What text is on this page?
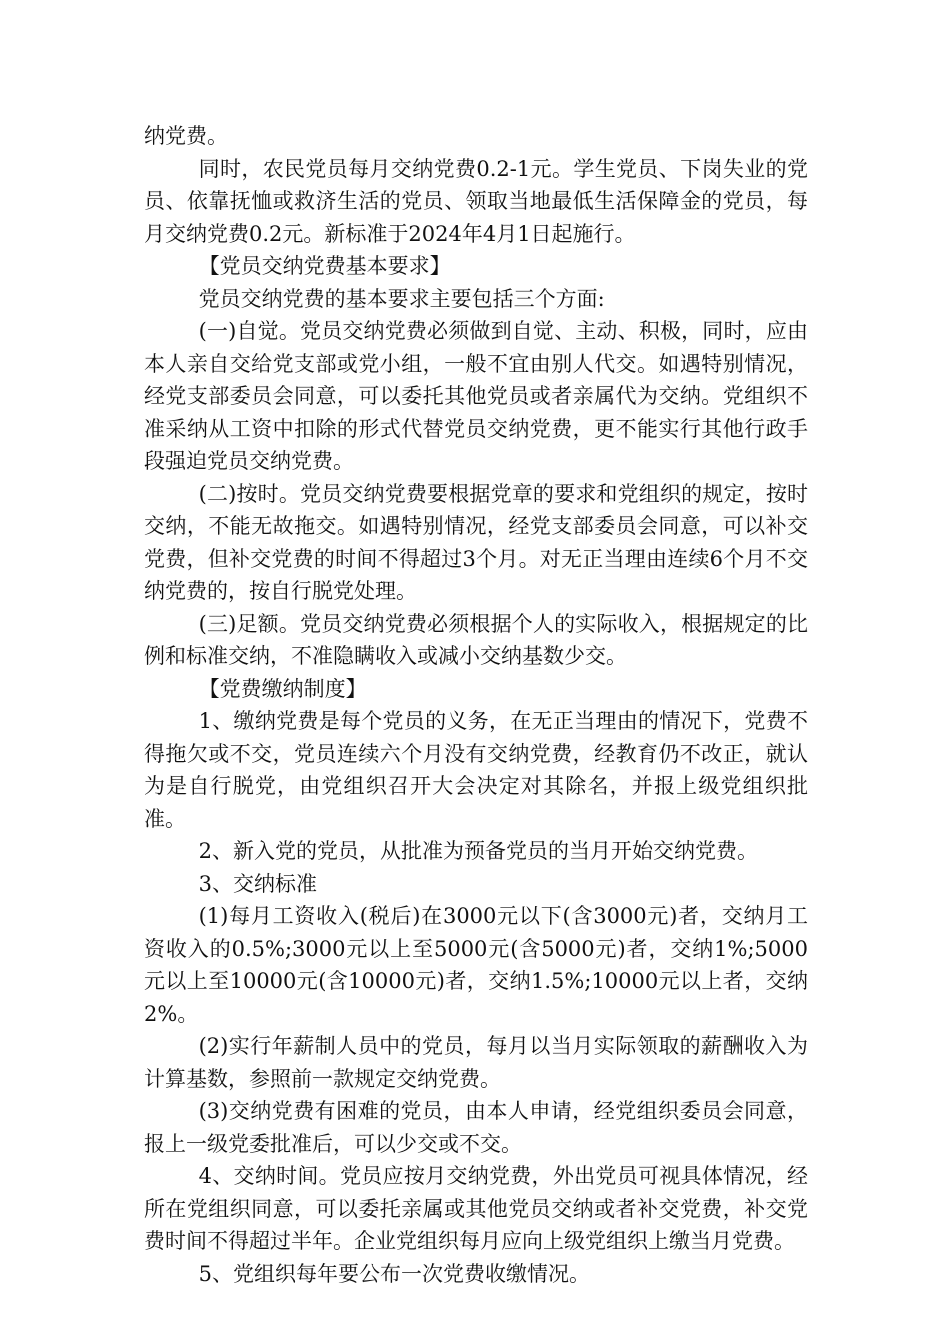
纳党费。

同时，农民党员每月交纳党费0.2-1元。学生党员、下岗失业的党员、依靠抚恤或救济生活的党员、领取当地最低生活保障金的党员，每月交纳党费0.2元。新标准于2024年4月1日起施行。

【党员交纳党费基本要求】

党员交纳党费的基本要求主要包括三个方面:

(一)自觉。党员交纳党费必须做到自觉、主动、积极，同时，应由本人亲自交给党支部或党小组，一般不宜由别人代交。如遇特别情况，经党支部委员会同意，可以委托其他党员或者亲属代为交纳。党组织不准采纳从工资中扣除的形式代替党员交纳党费，更不能实行其他行政手段强迫党员交纳党费。

(二)按时。党员交纳党费要根据党章的要求和党组织的规定，按时交纳，不能无故拖交。如遇特别情况，经党支部委员会同意，可以补交党费，但补交党费的时间不得超过3个月。对无正当理由连续6个月不交纳党费的，按自行脱党处理。

(三)足额。党员交纳党费必须根据个人的实际收入，根据规定的比例和标准交纳，不准隐瞒收入或减小交纳基数少交。

【党费缴纳制度】

1、缴纳党费是每个党员的义务，在无正当理由的情况下，党费不得拖欠或不交，党员连续六个月没有交纳党费，经教育仍不改正，就认为是自行脱党，由党组织召开大会决定对其除名，并报上级党组织批准。

2、新入党的党员，从批准为预备党员的当月开始交纳党费。

3、交纳标准

(1)每月工资收入(税后)在3000元以下(含3000元)者，交纳月工资收入的0.5%;3000元以上至5000元(含5000元)者，交纳1%;5000元以上至10000元(含10000元)者，交纳1.5%;10000元以上者，交纳2%。

(2)实行年薪制人员中的党员，每月以当月实际领取的薪酬收入为计算基数，参照前一款规定交纳党费。

(3)交纳党费有困难的党员，由本人申请，经党组织委员会同意，报上一级党委批准后，可以少交或不交。

4、交纳时间。党员应按月交纳党费，外出党员可视具体情况，经所在党组织同意，可以委托亲属或其他党员交纳或者补交党费，补交党费时间不得超过半年。企业党组织每月应向上级党组织上缴当月党费。

5、党组织每年要公布一次党费收缴情况。
